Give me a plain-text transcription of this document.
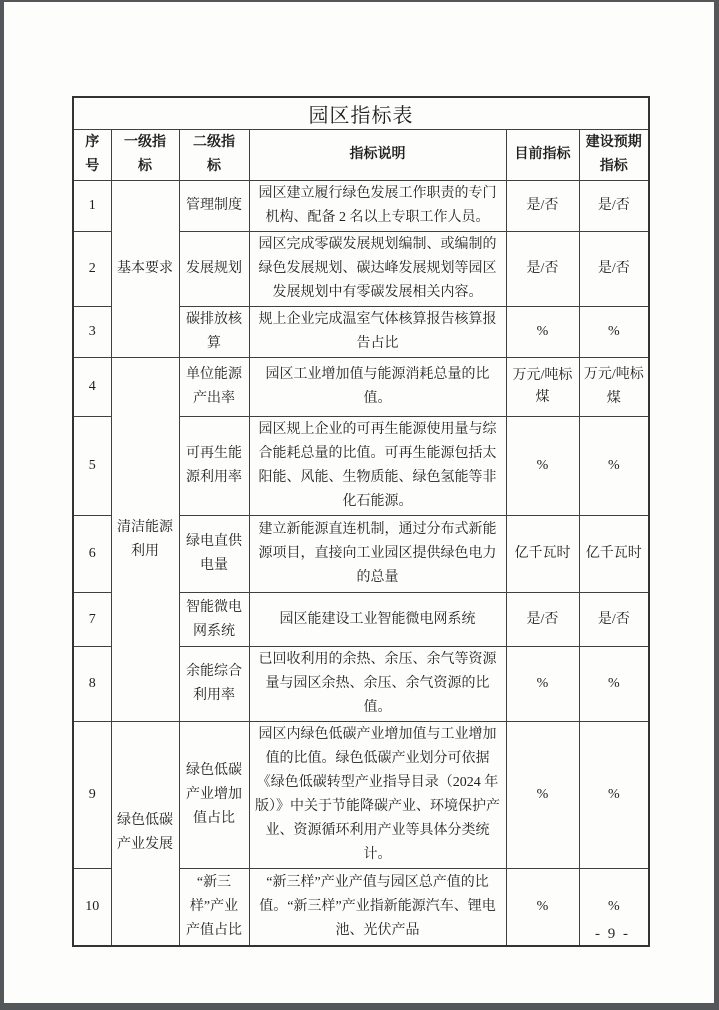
园区指标表					
序号	一级指标	二级指标	指标说明	目前指标	建设预期指标
1	基本要求	管理制度	园区建立履行绿色发展工作职责的专门机构、配备 2 名以上专职工作人员。	是/否	是/否
2		发展规划	园区完成零碳发展规划编制、或编制的绿色发展规划、碳达峰发展规划等园区发展规划中有零碳发展相关内容。	是/否	是/否
3		碳排放核算	规上企业完成温室气体核算报告核算报告占比	%	%
4	清洁能源利用	单位能源产出率	园区工业增加值与能源消耗总量的比值。	万元/吨标煤	万元/吨标煤
5		可再生能源利用率	园区规上企业的可再生能源使用量与综合能耗总量的比值。可再生能源包括太阳能、风能、生物质能、绿色氢能等非化石能源。	%	%
6		绿电直供电量	建立新能源直连机制，通过分布式新能源项目，直接向工业园区提供绿色电力的总量	亿千瓦时	亿千瓦时
7		智能微电网系统	园区能建设工业智能微电网系统	是/否	是/否
8		余能综合利用率	已回收利用的余热、余压、余气等资源量与园区余热、余压、余气资源的比值。	%	%
9	绿色低碳产业发展	绿色低碳产业增加值占比	园区内绿色低碳产业增加值与工业增加值的比值。绿色低碳产业划分可依据《绿色低碳转型产业指导目录（2024 年版）》中关于节能降碳产业、环境保护产业、资源循环利用产业等具体分类统计。	%	%
10		“新三样”产业产值占比	“新三样”产业产值与园区总产值的比值。“新三样”产业指新能源汽车、锂电池、光伏产品	%	%
- 9 -
